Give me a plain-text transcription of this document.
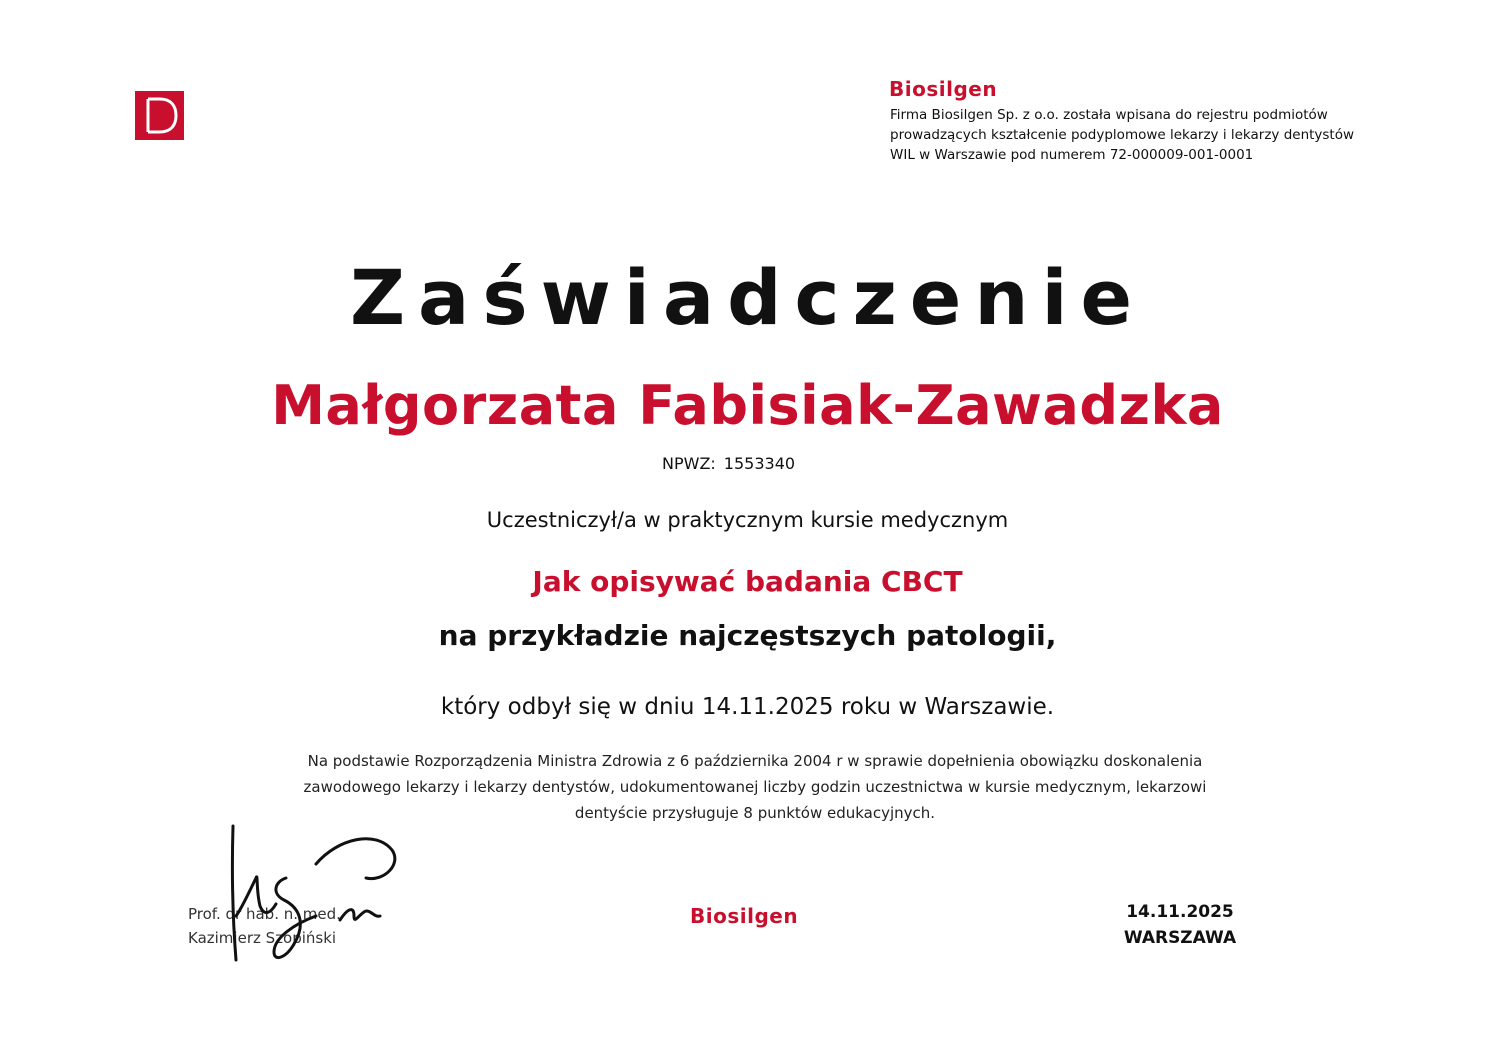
Biosilgen
Firma Biosilgen Sp. z o.o. została wpisana do rejestru podmiotów
prowadzących kształcenie podyplomowe lekarzy i lekarzy dentystów
WIL w Warszawie pod numerem 72-000009-001-0001
Zaświadczenie
Małgorzata Fabisiak-Zawadzka
NPWZ: 1553340
Uczestniczył/a w praktycznym kursie medycznym
Jak opisywać badania CBCT
na przykładzie najczęstszych patologii,
który odbył się w dniu 14.11.2025 roku w Warszawie.
Na podstawie Rozporządzenia Ministra Zdrowia z 6 października 2004 r w sprawie dopełnienia obowiązku doskonalenia
zawodowego lekarzy i lekarzy dentystów, udokumentowanej liczby godzin uczestnictwa w kursie medycznym, lekarzowi
dentyście przysługuje 8 punktów edukacyjnych.
Prof. dr hab. n. med.
Kazimierz Szopiński
Biosilgen	14.11.2025
WARSZAWA
